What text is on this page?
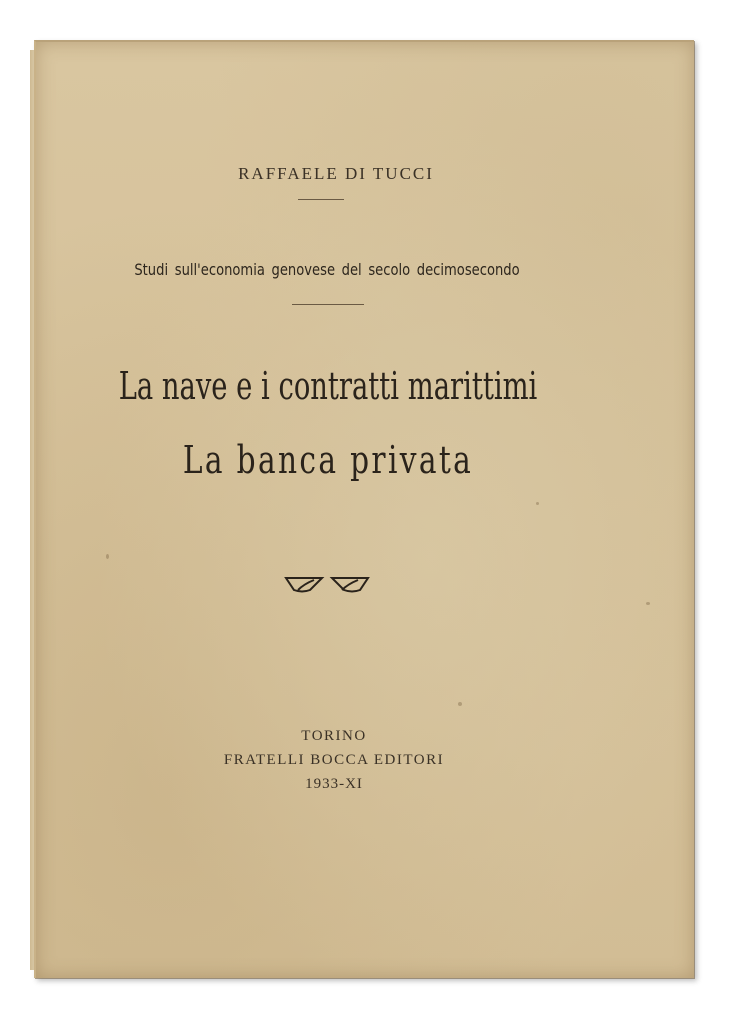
RAFFAELE DI TUCCI
Studi sull'economia genovese del secolo decimosecondo
La nave e i contratti marittimi
La banca privata
TORINO
FRATELLI BOCCA EDITORI
1933-XI
